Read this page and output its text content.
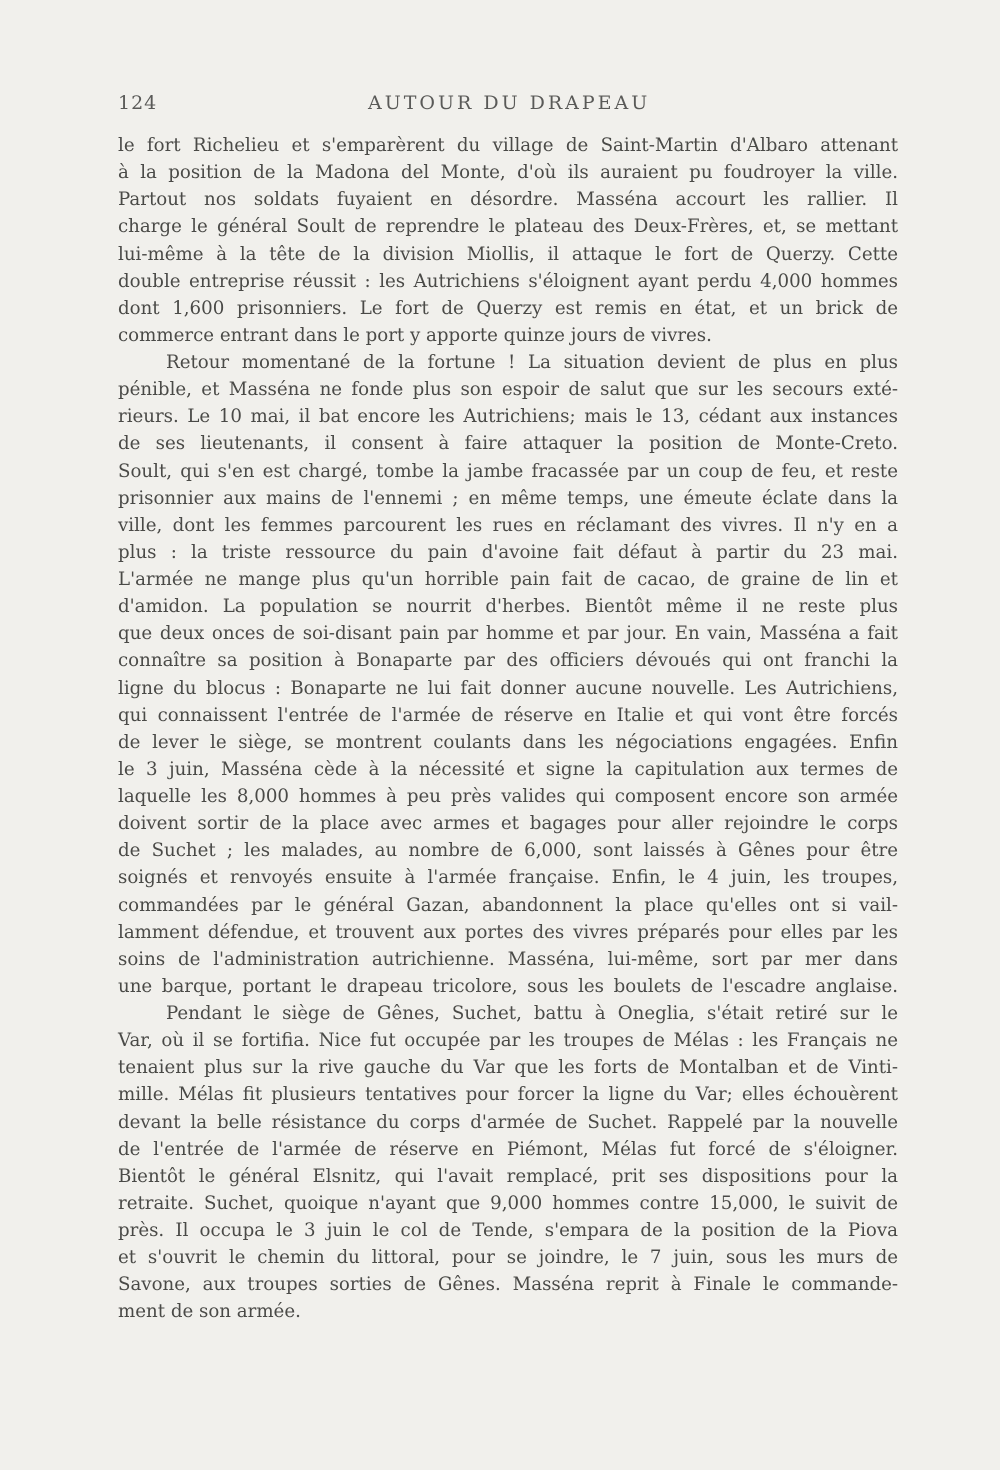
124	AUTOUR DU DRAPEAU
le fort Richelieu et s'emparèrent du village de Saint-Martin d'Albaro attenant
à la position de la Madona del Monte, d'où ils auraient pu foudroyer la ville.
Partout nos soldats fuyaient en désordre. Masséna accourt les rallier. Il
charge le général Soult de reprendre le plateau des Deux-Frères, et, se mettant
lui-même à la tête de la division Miollis, il attaque le fort de Querzy. Cette
double entreprise réussit : les Autrichiens s'éloignent ayant perdu 4,000 hommes
dont 1,600 prisonniers. Le fort de Querzy est remis en état, et un brick de
commerce entrant dans le port y apporte quinze jours de vivres.
Retour momentané de la fortune ! La situation devient de plus en plus
pénible, et Masséna ne fonde plus son espoir de salut que sur les secours exté-
rieurs. Le 10 mai, il bat encore les Autrichiens; mais le 13, cédant aux instances
de ses lieutenants, il consent à faire attaquer la position de Monte-Creto.
Soult, qui s'en est chargé, tombe la jambe fracassée par un coup de feu, et reste
prisonnier aux mains de l'ennemi ; en même temps, une émeute éclate dans la
ville, dont les femmes parcourent les rues en réclamant des vivres. Il n'y en a
plus : la triste ressource du pain d'avoine fait défaut à partir du 23 mai.
L'armée ne mange plus qu'un horrible pain fait de cacao, de graine de lin et
d'amidon. La population se nourrit d'herbes. Bientôt même il ne reste plus
que deux onces de soi-disant pain par homme et par jour. En vain, Masséna a fait
connaître sa position à Bonaparte par des officiers dévoués qui ont franchi la
ligne du blocus : Bonaparte ne lui fait donner aucune nouvelle. Les Autrichiens,
qui connaissent l'entrée de l'armée de réserve en Italie et qui vont être forcés
de lever le siège, se montrent coulants dans les négociations engagées. Enfin
le 3 juin, Masséna cède à la nécessité et signe la capitulation aux termes de
laquelle les 8,000 hommes à peu près valides qui composent encore son armée
doivent sortir de la place avec armes et bagages pour aller rejoindre le corps
de Suchet ; les malades, au nombre de 6,000, sont laissés à Gênes pour être
soignés et renvoyés ensuite à l'armée française. Enfin, le 4 juin, les troupes,
commandées par le général Gazan, abandonnent la place qu'elles ont si vail-
lamment défendue, et trouvent aux portes des vivres préparés pour elles par les
soins de l'administration autrichienne. Masséna, lui-même, sort par mer dans
une barque, portant le drapeau tricolore, sous les boulets de l'escadre anglaise.
Pendant le siège de Gênes, Suchet, battu à Oneglia, s'était retiré sur le
Var, où il se fortifia. Nice fut occupée par les troupes de Mélas : les Français ne
tenaient plus sur la rive gauche du Var que les forts de Montalban et de Vinti-
mille. Mélas fit plusieurs tentatives pour forcer la ligne du Var; elles échouèrent
devant la belle résistance du corps d'armée de Suchet. Rappelé par la nouvelle
de l'entrée de l'armée de réserve en Piémont, Mélas fut forcé de s'éloigner.
Bientôt le général Elsnitz, qui l'avait remplacé, prit ses dispositions pour la
retraite. Suchet, quoique n'ayant que 9,000 hommes contre 15,000, le suivit de
près. Il occupa le 3 juin le col de Tende, s'empara de la position de la Piova
et s'ouvrit le chemin du littoral, pour se joindre, le 7 juin, sous les murs de
Savone, aux troupes sorties de Gênes. Masséna reprit à Finale le commande-
ment de son armée.
